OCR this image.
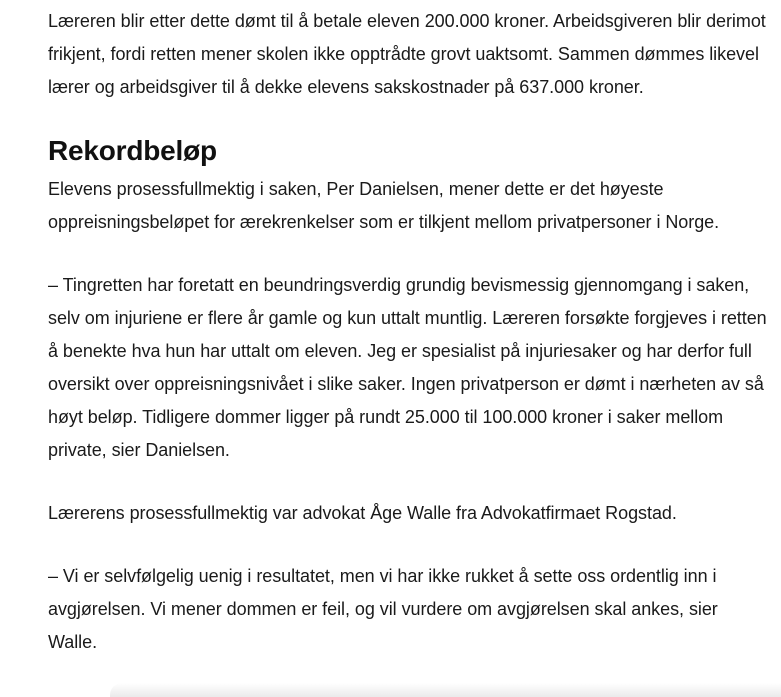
Læreren blir etter dette dømt til å betale eleven 200.000 kroner. Arbeidsgiveren blir derimot frikjent, fordi retten mener skolen ikke opptrådte grovt uaktsomt. Sammen dømmes likevel lærer og arbeidsgiver til å dekke elevens sakskostnader på 637.000 kroner.

Rekordbeløp

Elevens prosessfullmektig i saken, Per Danielsen, mener dette er det høyeste oppreisningsbeløpet for ærekrenkelser som er tilkjent mellom privatpersoner i Norge.

– Tingretten har foretatt en beundringsverdig grundig bevismessig gjennomgang i saken, selv om injuriene er flere år gamle og kun uttalt muntlig. Læreren forsøkte forgjeves i retten å benekte hva hun har uttalt om eleven. Jeg er spesialist på injuriesaker og har derfor full oversikt over oppreisningsnivået i slike saker. Ingen privatperson er dømt i nærheten av så høyt beløp. Tidligere dommer ligger på rundt 25.000 til 100.000 kroner i saker mellom private, sier Danielsen.

Lærerens prosessfullmektig var advokat Åge Walle fra Advokatfirmaet Rogstad.

– Vi er selvfølgelig uenig i resultatet, men vi har ikke rukket å sette oss ordentlig inn i avgjørelsen. Vi mener dommen er feil, og vil vurdere om avgjørelsen skal ankes, sier Walle.
